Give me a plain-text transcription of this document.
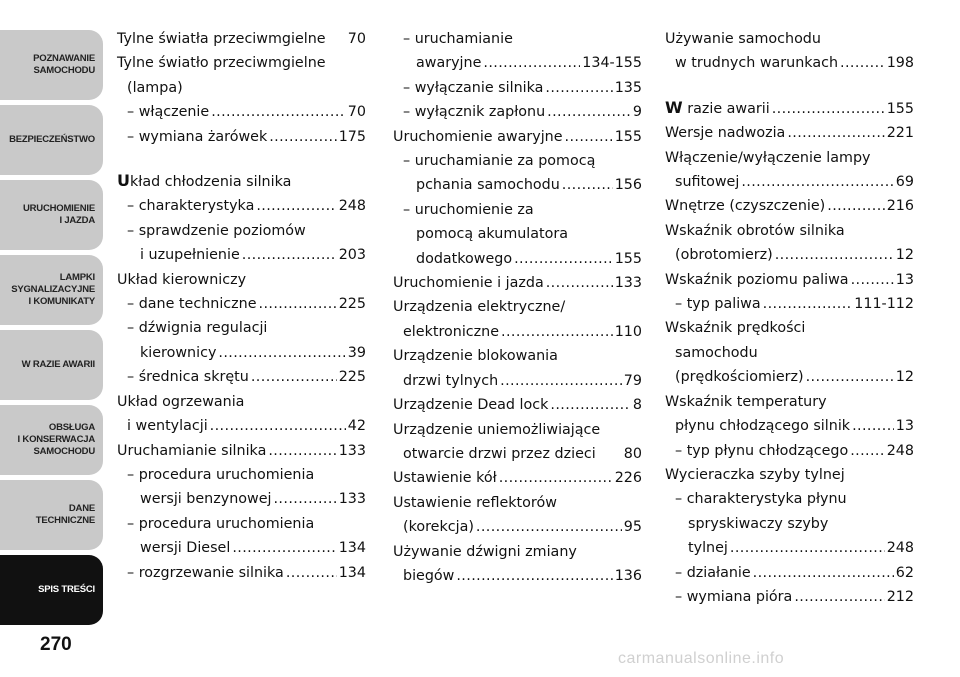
POZNAWANIE
SAMOCHODU
BEZPIECZEŃSTWO
URUCHOMIENIE
I JAZDA
LAMPKI
SYGNALIZACYJNE
I KOMUNIKATY
W RAZIE AWARII
OBSŁUGA
I KONSERWACJA
SAMOCHODU
DANE
TECHNICZNE
SPIS TREŚCI
270
Tylne światła przeciwmgielne 70
Tylne światło przeciwmgielne
(lampa)
– włączenie .....	70
– wymiana żarówek .....	175
Układ chłodzenia silnika
– charakterystyka .....	248
– sprawdzenie poziomów
i uzupełnienie .....	203
Układ kierowniczy
– dane techniczne .....	225
– dźwignia regulacji
kierownicy .....	39
– średnica skrętu .....	225
Układ ogrzewania
i wentylacji .....	42
Uruchamianie silnika .....	133
– procedura uruchomienia
wersji benzynowej .....	133
– procedura uruchomienia
wersji Diesel .....	134
– rozgrzewanie silnika .....	134
– uruchamianie
awaryjne .....	134-155
– wyłączanie silnika .....	135
– wyłącznik zapłonu .....	9
Uruchomienie awaryjne .....	155
– uruchamianie za pomocą
pchania samochodu .....	156
– uruchomienie za
pomocą akumulatora
dodatkowego .....	155
Uruchomienie i jazda .....	133
Urządzenia elektryczne/
elektroniczne .....	110
Urządzenie blokowania
drzwi tylnych .....	79
Urządzenie Dead lock .....	8
Urządzenie uniemożliwiające
otwarcie drzwi przez dzieci 80
Ustawienie kół .....	226
Ustawienie reflektorów
(korekcja) .....	95
Używanie dźwigni zmiany
biegów .....	136
Używanie samochodu
w trudnych warunkach .....	198
W razie awarii .....	155
Wersje nadwozia .....	221
Włączenie/wyłączenie lampy
sufitowej .....	69
Wnętrze (czyszczenie) .....	216
Wskaźnik obrotów silnika
(obrotomierz) .....	12
Wskaźnik poziomu paliwa .....	13
– typ paliwa .....	111-112
Wskaźnik prędkości
samochodu
(prędkościomierz) .....	12
Wskaźnik temperatury
płynu chłodzącego silnik .....	13
– typ płynu chłodzącego .....	248
Wycieraczka szyby tylnej
– charakterystyka płynu
spryskiwaczy szyby
tylnej .....	248
– działanie .....	62
– wymiana pióra .....	212
carmanualsonline.info
